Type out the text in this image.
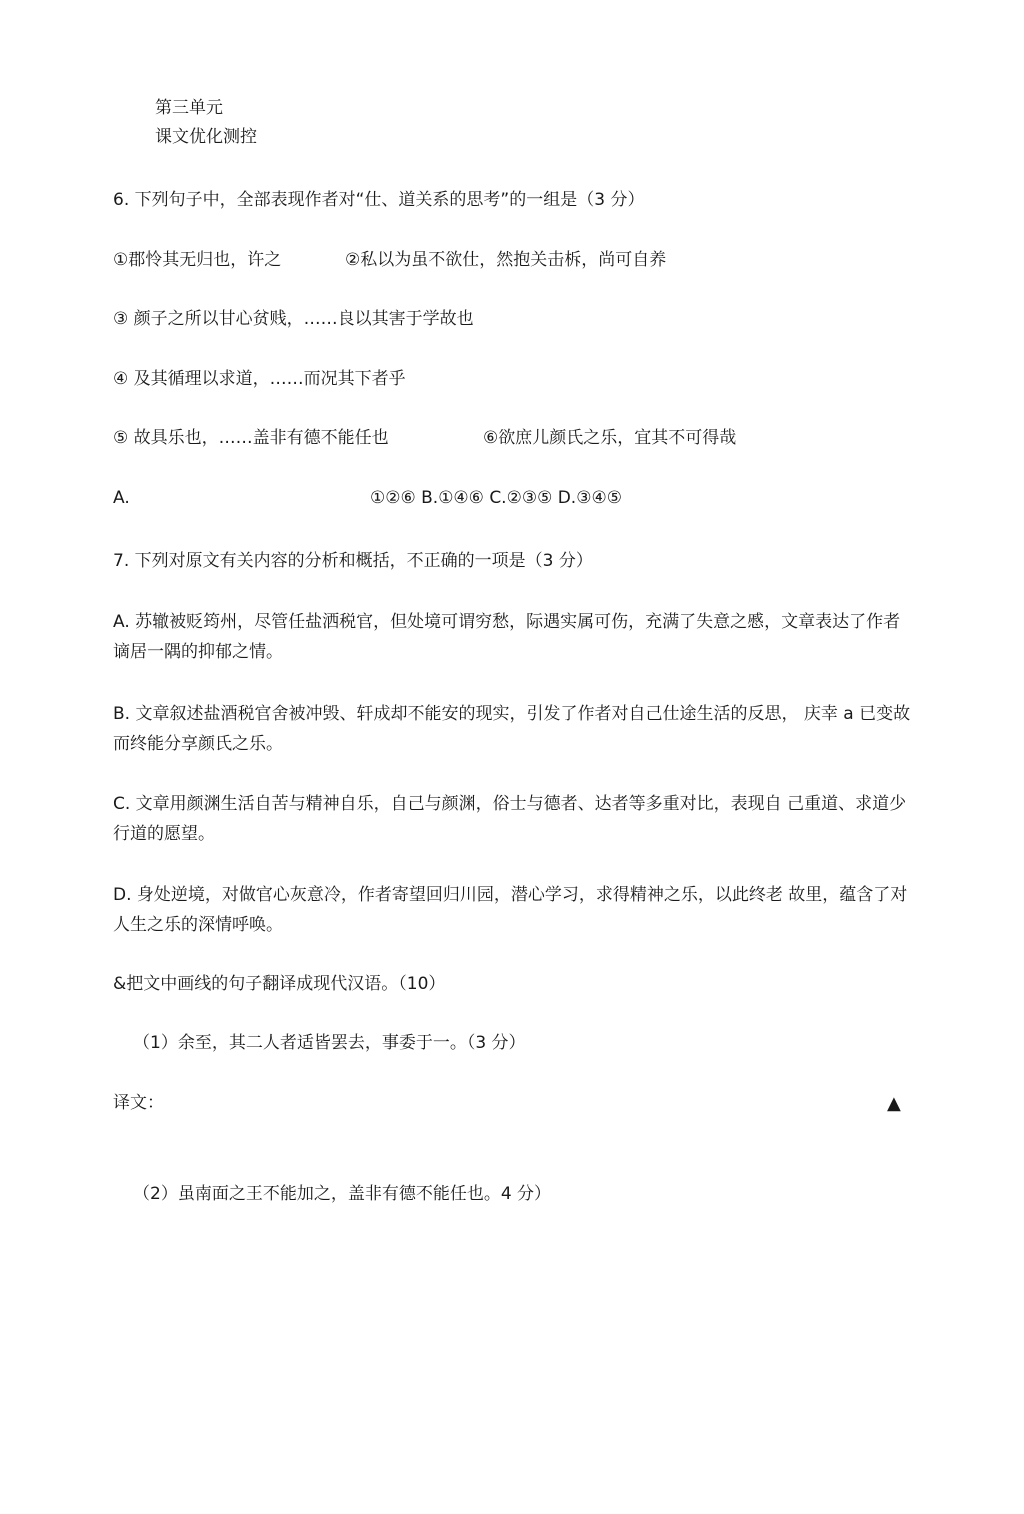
第三单元
课文优化测控
6. 下列句子中，全部表现作者对“仕、道关系的思考”的一组是（3 分）
①郡怜其无归也，许之	②私以为虽不欲仕，然抱关击柝，尚可自养
③ 颜子之所以甘心贫贱，……良以其害于学故也
④ 及其循理以求道，……而况其下者乎
⑤ 故具乐也，……盖非有德不能任也	⑥欲庶儿颜氏之乐，宜其不可得哉
A.	①②⑥ B.①④⑥ C.②③⑤ D.③④⑤
7. 下列对原文有关内容的分析和概括，不正确的一项是（3 分）
A. 苏辙被贬筠州，尽管任盐洒税官，但处境可谓穷愁，际遇实属可伤，充满了失意之慼，文章表达了作者谪居一隅的抑郁之情。
B. 文章叙述盐酒税官舍被冲毁、轩成却不能安的现实，引发了作者对自己仕途生活的反思， 庆幸 a 已变故而终能分享颜氏之乐。
C. 文章用颜渊生活自苦与精神自乐，自己与颜渊，俗士与德者、达者等多重对比，表现自 己重道、求道少行道的愿望。
D. 身处逆境，对做官心灰意冷，作者寄望回归川园，潜心学习，求得精神之乐，以此终老 故里，蕴含了对人生之乐的深情呼唤。
&把文中画线的句子翻译成现代汉语。（10）
（1）余至，其二人者适皆罢去，事委于一。（3 分）
译文：	▲
（2）虽南面之王不能加之，盖非有德不能任也。4 分）
